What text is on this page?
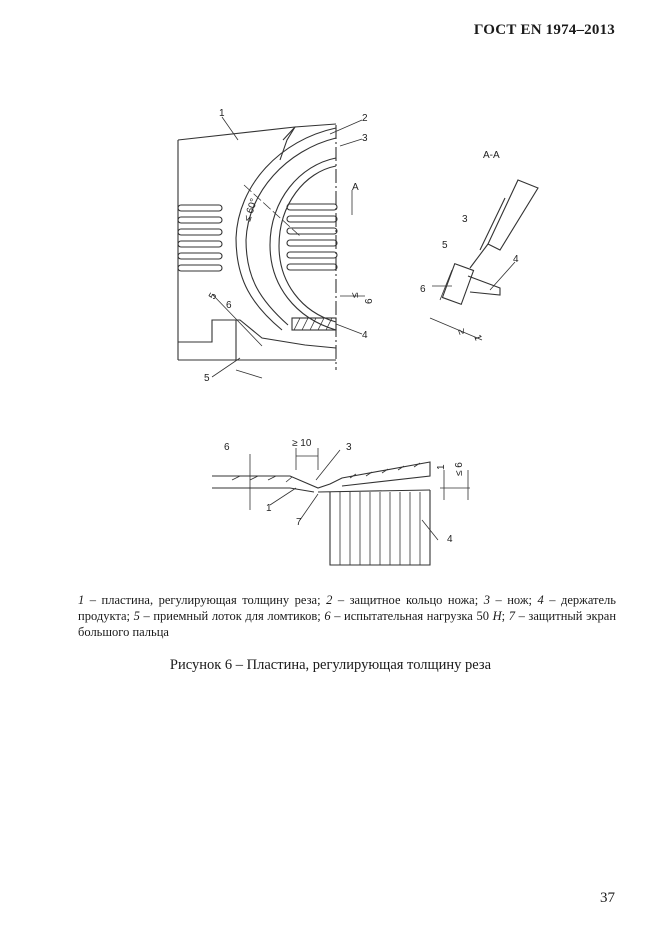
ГОСТ EN 1974–2013
1	2
3
4
5
6
≤ 60°
≤
6
А
5
А-А
3
5
4
6
≥
1
6	≥ 10	3
1
7
4
1 ≤ 6
1 – пластина, регулирующая толщину реза; 2 – защитное кольцо ножа; 3 – нож; 4 – держатель продукта; 5 – приемный лоток для ломтиков; 6 – испытательная нагрузка 50 Н; 7 – защитный экран большого пальца
Рисунок 6 – Пластина, регулирующая толщину реза
37
